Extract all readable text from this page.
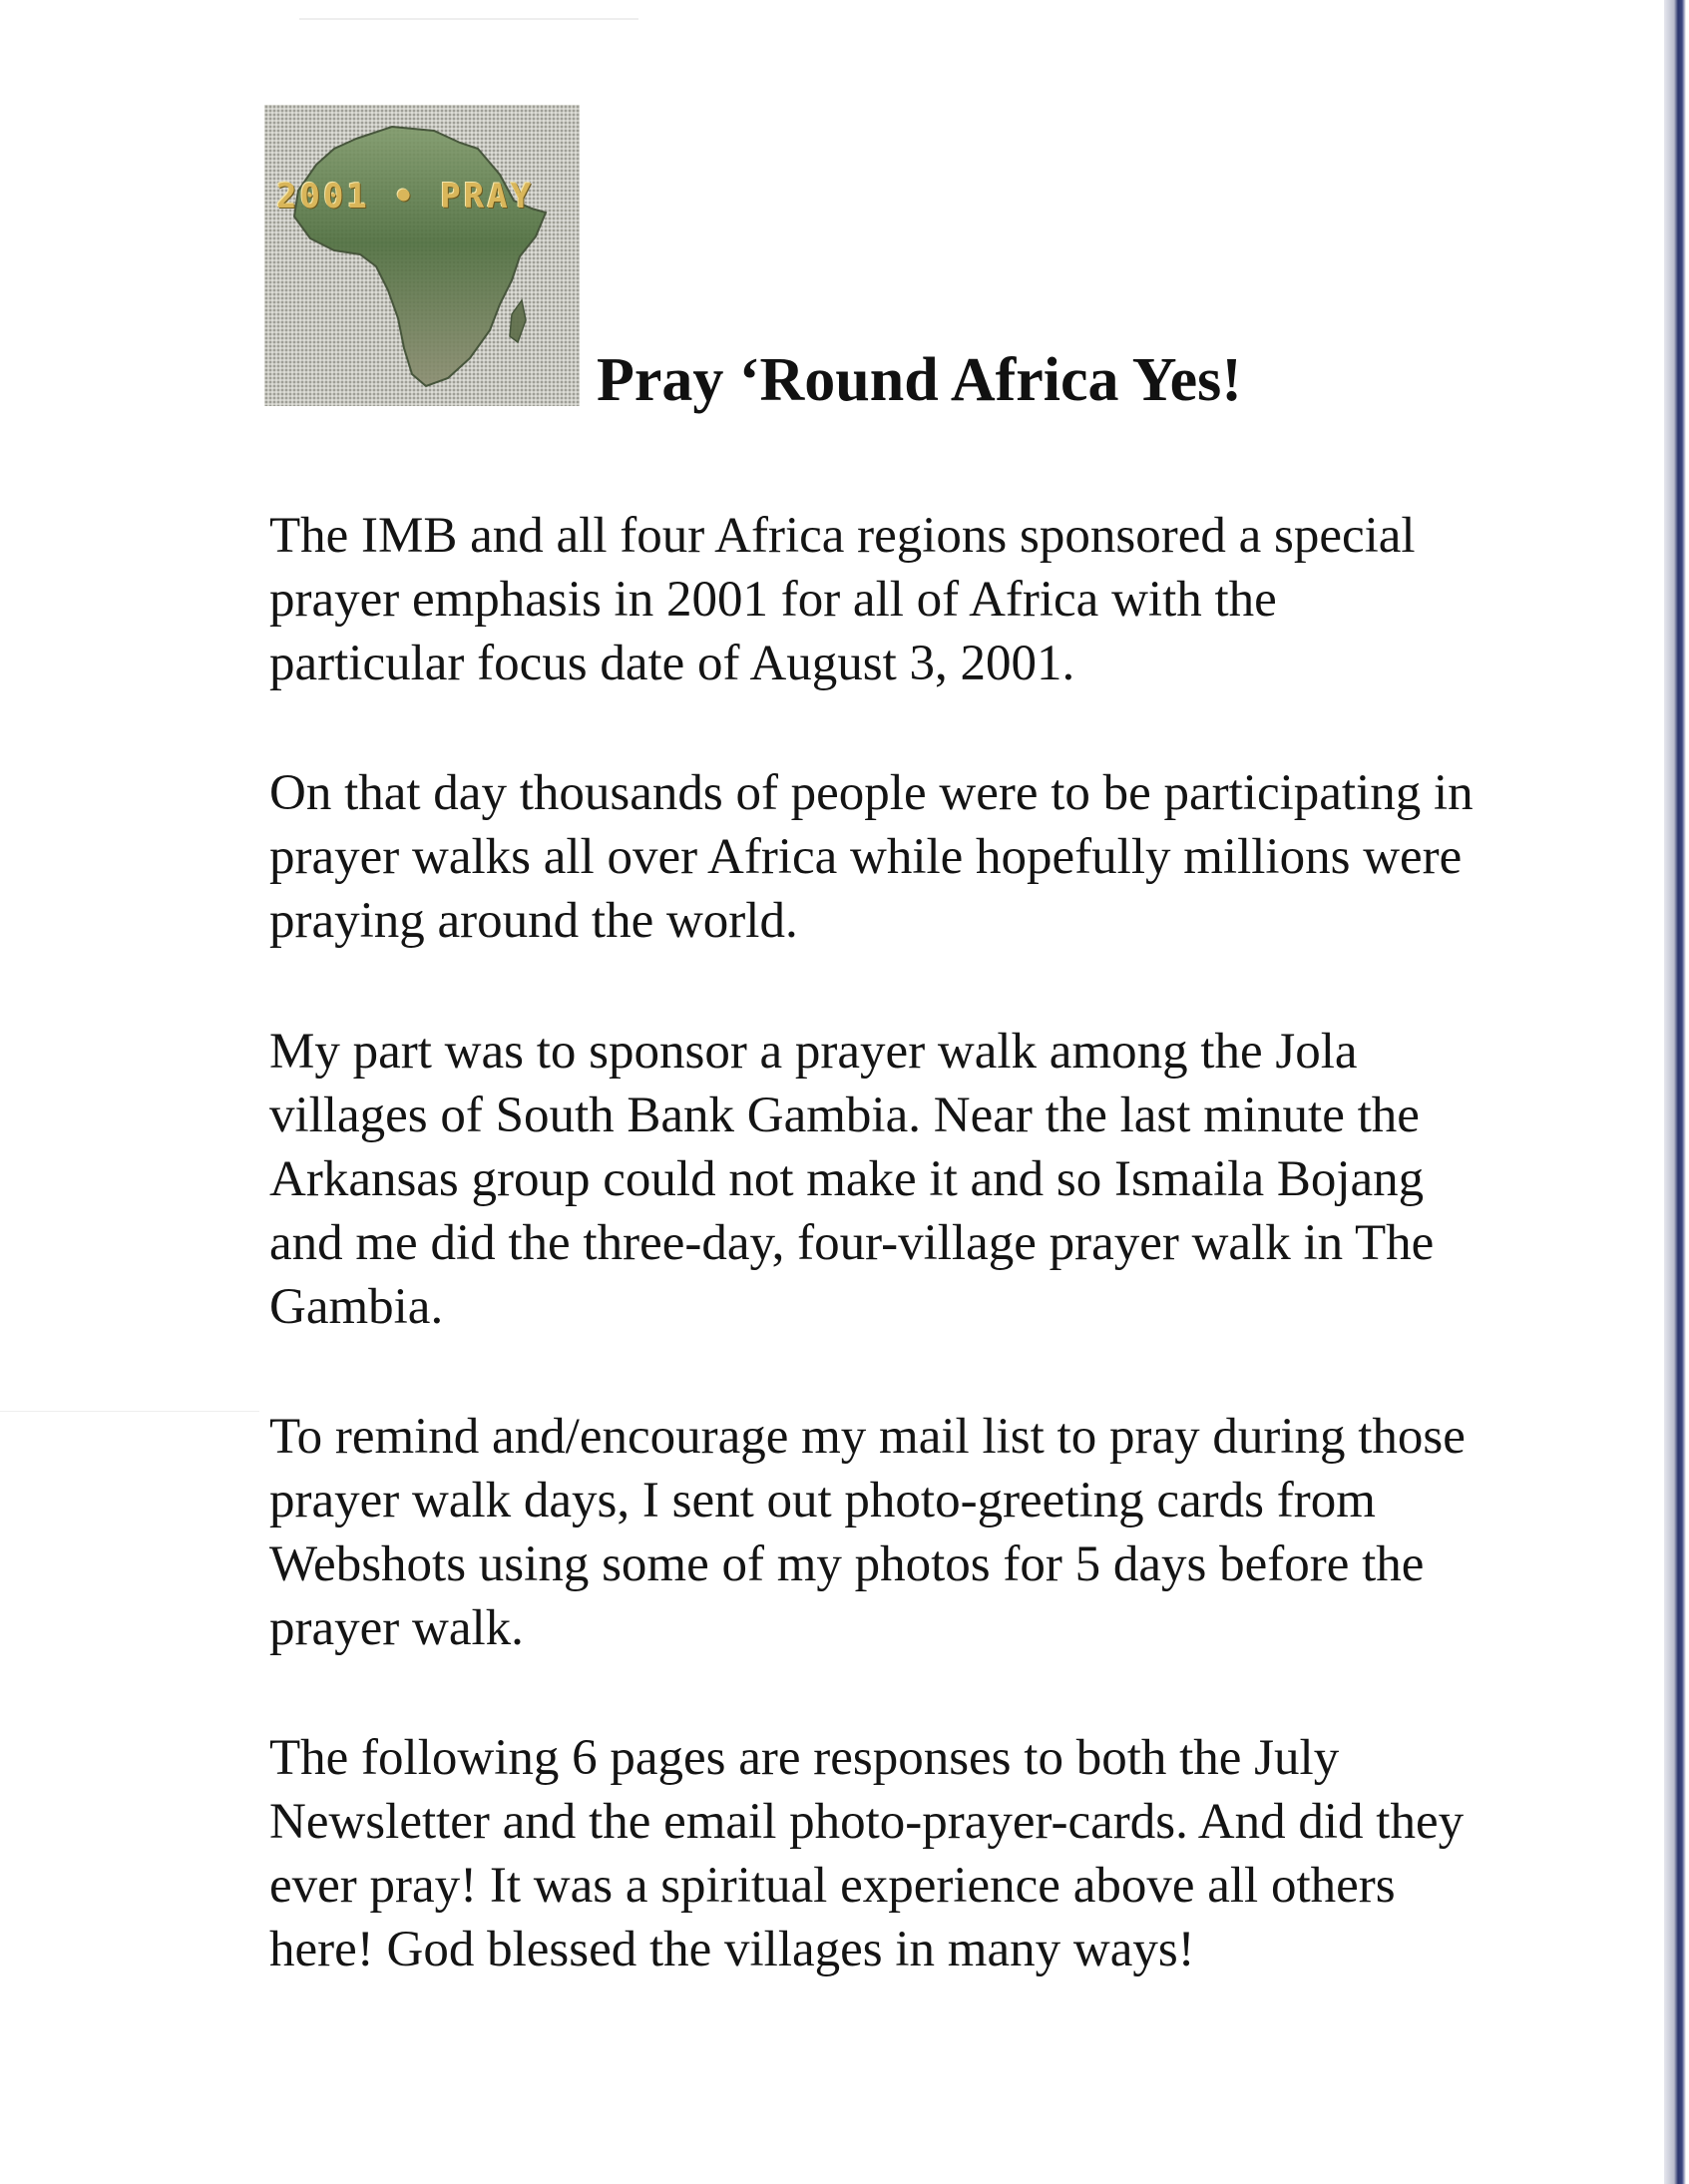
2001 • PRAY
Pray ‘Round Africa Yes!

The IMB and all four Africa regions sponsored a special prayer emphasis in 2001 for all of Africa with the particular focus date of August 3, 2001.

On that day thousands of people were to be participating in prayer walks all over Africa while hopefully millions were praying around the world.

My part was to sponsor a prayer walk among the Jola villages of South Bank Gambia. Near the last minute the Arkansas group could not make it and so Ismaila Bojang and me did the three-day, four-village prayer walk in The Gambia.

To remind and/encourage my mail list to pray during those prayer walk days, I sent out photo-greeting cards from Webshots using some of my photos for 5 days before the prayer walk.

The following 6 pages are responses to both the July Newsletter and the email photo-prayer-cards. And did they ever pray! It was a spiritual experience above all others here! God blessed the villages in many ways!
